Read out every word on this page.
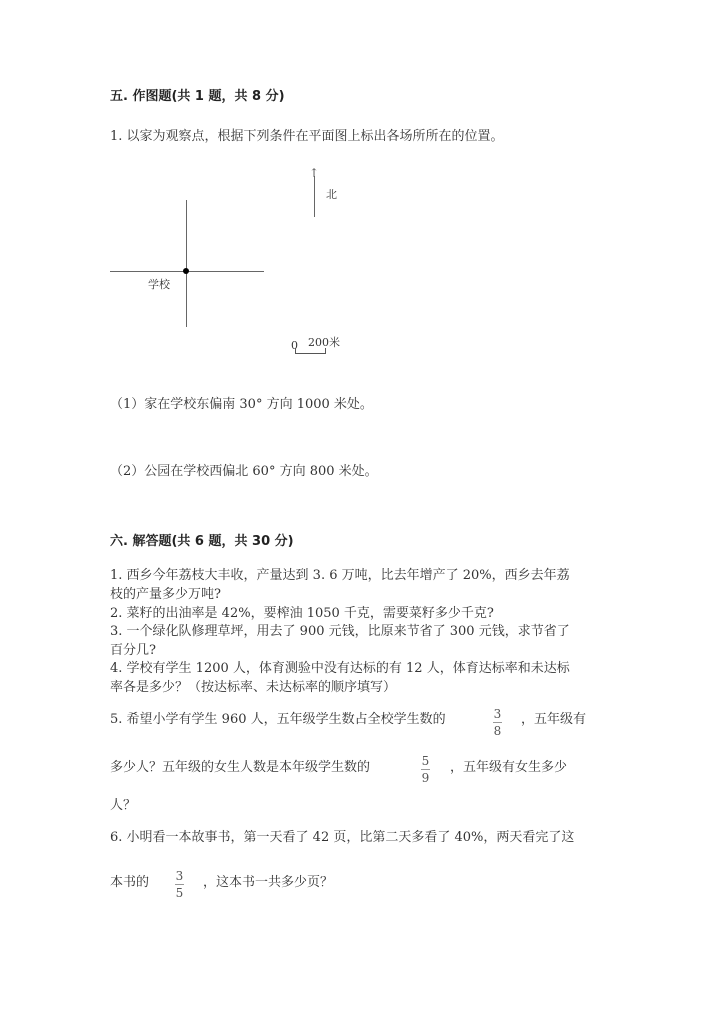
五. 作图题(共 1 题，共 8 分)
1. 以家为观察点，根据下列条件在平面图上标出各场所所在的位置。
学校
↑
北
0 200米
（1）家在学校东偏南 30° 方向 1000 米处。
（2）公园在学校西偏北 60° 方向 800 米处。
六. 解答题(共 6 题，共 30 分)
1. 西乡今年荔枝大丰收，产量达到 3. 6 万吨，比去年增产了 20%，西乡去年荔
枝的产量多少万吨?
2. 菜籽的出油率是 42%，要榨油 1050 千克，需要菜籽多少千克?
3. 一个绿化队修理草坪，用去了 900 元钱，比原来节省了 300 元钱，求节省了
百分几?
4. 学校有学生 1200 人，体育测验中没有达标的有 12 人，体育达标率和未达标
率各是多少？（按达标率、未达标率的顺序填写）
5. 希望小学有学生 960 人，五年级学生数占全校学生数的	3
8
，五年级有
多少人？五年级的女生人数是本年级学生数的	5
9
，五年级有女生多少
人？
6. 小明看一本故事书，第一天看了 42 页，比第二天多看了 40%，两天看完了这
本书的 3
5
，这本书一共多少页？
